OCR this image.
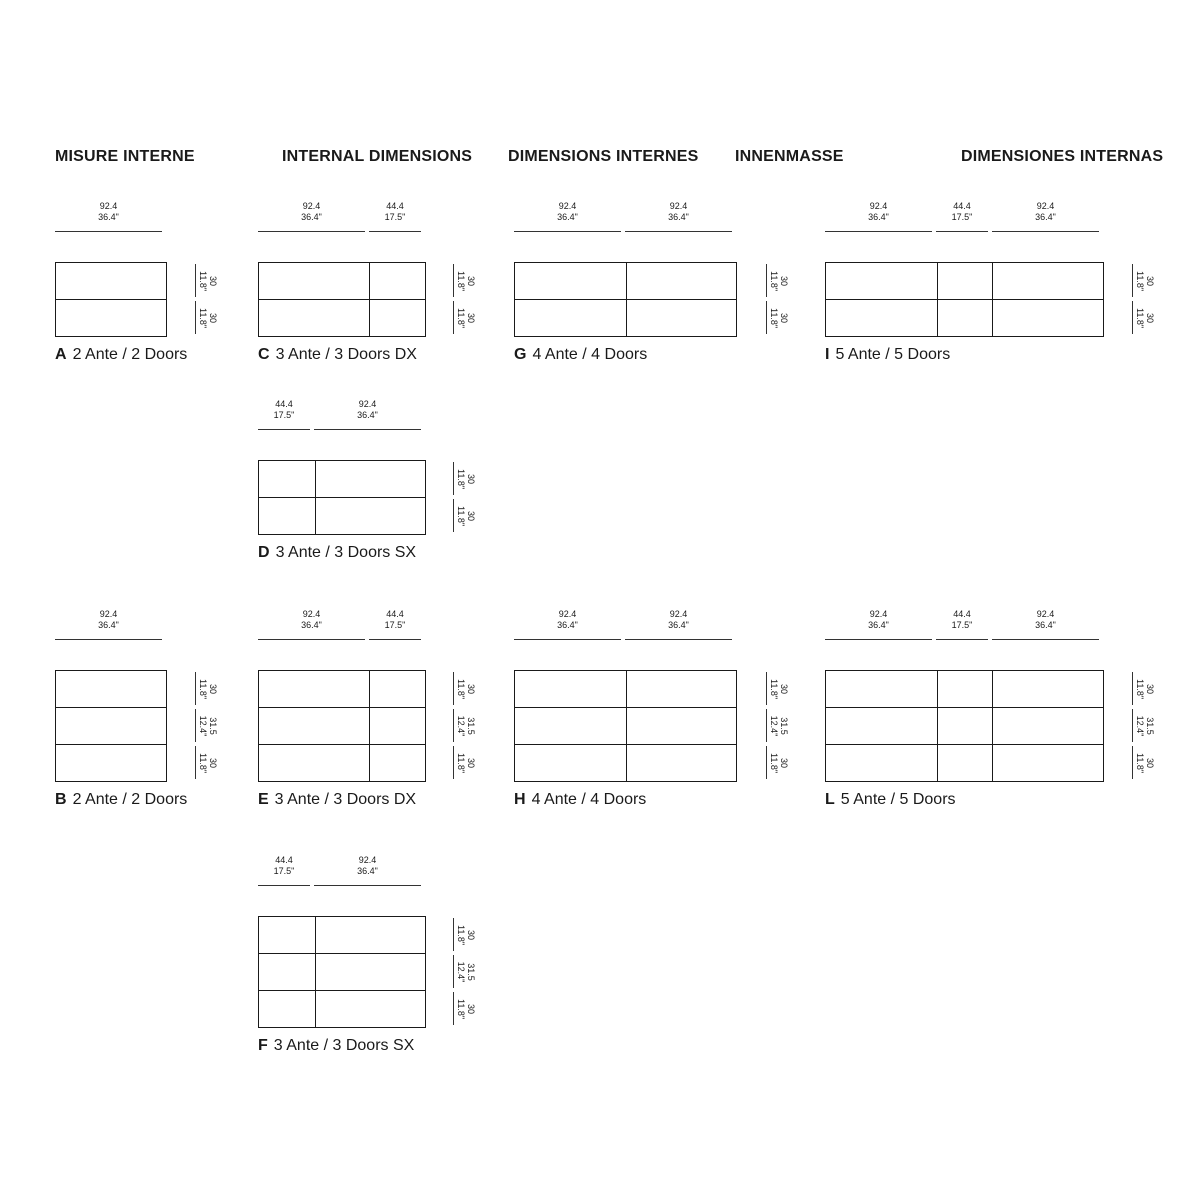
MISURE INTERNE	INTERNAL DIMENSIONS DIMENSIONS INTERNES INNENMASSE	DIMENSIONES INTERNAS
92.4
36.4"
30
11.8"
30
11.8"
A 2 Ante / 2 Doors
92.4
36.4"
44.4
17.5"
30
11.8"
30
11.8"
C 3 Ante / 3 Doors DX
92.4
36.4"
92.4
36.4"
30
11.8"
30
11.8"
G 4 Ante / 4 Doors
92.4
36.4"
44.4
17.5"
92.4
36.4"
30
11.8"
30
11.8"
I 5 Ante / 5 Doors
44.4
17.5"
92.4
36.4"
30
11.8"
30
11.8"
D 3 Ante / 3 Doors SX
92.4
36.4"
30
11.8"
31.5
12.4"
30
11.8"
B 2 Ante / 2 Doors
92.4
36.4"
44.4
17.5"
30
11.8"
31.5
12.4"
30
11.8"
E 3 Ante / 3 Doors DX
92.4
36.4"
92.4
36.4"
30
11.8"
31.5
12.4"
30
11.8"
H 4 Ante / 4 Doors
92.4
36.4"
44.4
17.5"
92.4
36.4"
30
11.8"
31.5
12.4"
30
11.8"
L 5 Ante / 5 Doors
44.4
17.5"
92.4
36.4"
30
11.8"
31.5
12.4"
30
11.8"
F 3 Ante / 3 Doors SX
